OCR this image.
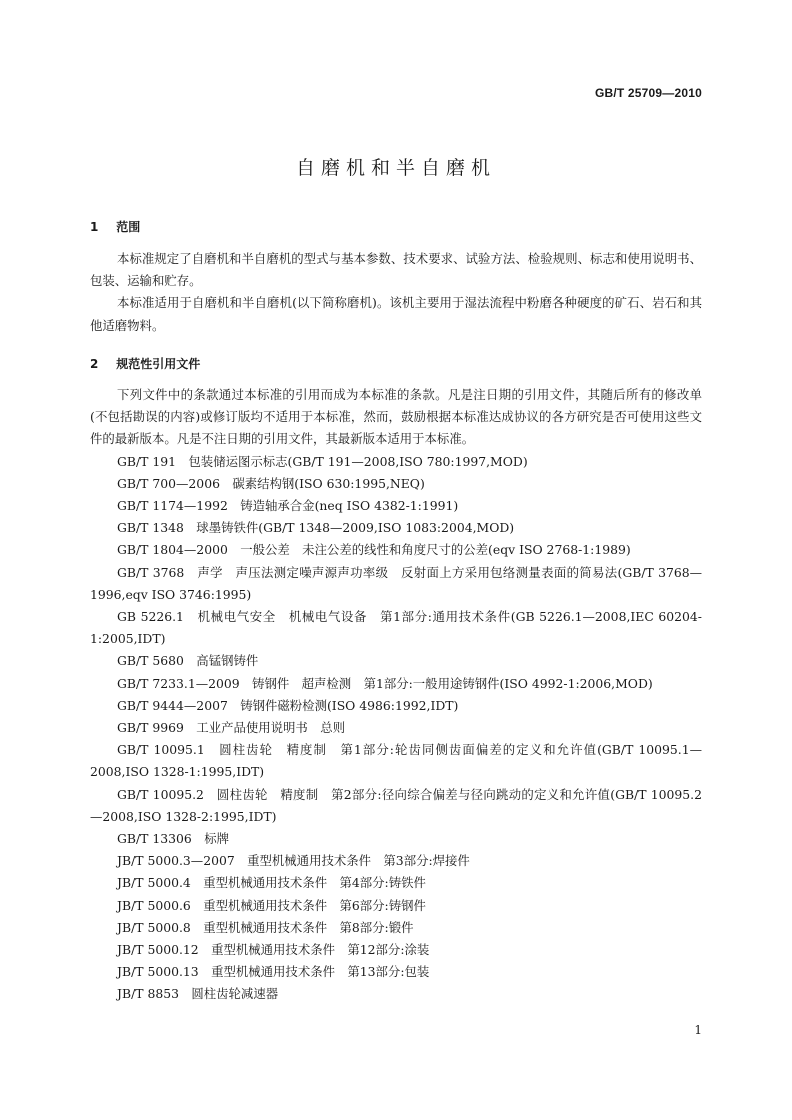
GB/T 25709—2010
自磨机和半自磨机
1 范围

本标准规定了自磨机和半自磨机的型式与基本参数、技术要求、试验方法、检验规则、标志和使用说明书、包装、运输和贮存。

本标准适用于自磨机和半自磨机(以下简称磨机)。该机主要用于湿法流程中粉磨各种硬度的矿石、岩石和其他适磨物料。

2 规范性引用文件

下列文件中的条款通过本标准的引用而成为本标准的条款。凡是注日期的引用文件，其随后所有的修改单(不包括勘误的内容)或修订版均不适用于本标准，然而，鼓励根据本标准达成协议的各方研究是否可使用这些文件的最新版本。凡是不注日期的引用文件，其最新版本适用于本标准。

GB/T 191　包装储运图示标志(GB/T 191—2008,ISO 780:1997,MOD)

GB/T 700—2006　碳素结构钢(ISO 630:1995,NEQ)

GB/T 1174—1992　铸造轴承合金(neq ISO 4382-1:1991)

GB/T 1348　球墨铸铁件(GB/T 1348—2009,ISO 1083:2004,MOD)

GB/T 1804—2000　一般公差　未注公差的线性和角度尺寸的公差(eqv ISO 2768-1:1989)

GB/T 3768　声学　声压法测定噪声源声功率级　反射面上方采用包络测量表面的简易法(GB/T 3768—1996,eqv ISO 3746:1995)

GB 5226.1　机械电气安全　机械电气设备　第1部分:通用技术条件(GB 5226.1—2008,IEC 60204-1:2005,IDT)

GB/T 5680　高锰钢铸件

GB/T 7233.1—2009　铸钢件　超声检测　第1部分:一般用途铸钢件(ISO 4992-1:2006,MOD)

GB/T 9444—2007　铸钢件磁粉检测(ISO 4986:1992,IDT)

GB/T 9969　工业产品使用说明书　总则

GB/T 10095.1　圆柱齿轮　精度制　第1部分:轮齿同侧齿面偏差的定义和允许值(GB/T 10095.1—2008,ISO 1328-1:1995,IDT)

GB/T 10095.2　圆柱齿轮　精度制　第2部分:径向综合偏差与径向跳动的定义和允许值(GB/T 10095.2—2008,ISO 1328-2:1995,IDT)

GB/T 13306　标牌

JB/T 5000.3—2007　重型机械通用技术条件　第3部分:焊接件

JB/T 5000.4　重型机械通用技术条件　第4部分:铸铁件

JB/T 5000.6　重型机械通用技术条件　第6部分:铸钢件

JB/T 5000.8　重型机械通用技术条件　第8部分:锻件

JB/T 5000.12　重型机械通用技术条件　第12部分:涂装

JB/T 5000.13　重型机械通用技术条件　第13部分:包装

JB/T 8853　圆柱齿轮减速器

1
